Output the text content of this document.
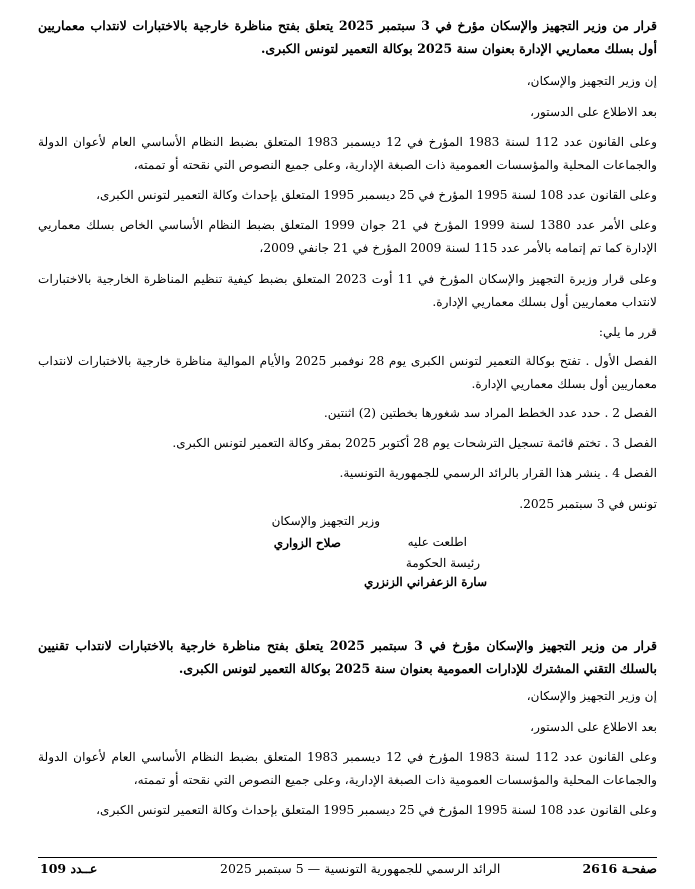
قرار من وزير التجهيز والإسكان مؤرخ في 3 سبتمبر 2025 يتعلق بفتح مناظرة خارجية بالاختبارات لانتداب معماريين أول بسلك معماريي الإدارة بعنوان سنة 2025 بوكالة التعمير لتونس الكبرى.

إن وزير التجهيز والإسكان،

بعد الاطلاع على الدستور،

وعلى القانون عدد 112 لسنة 1983 المؤرخ في 12 ديسمبر 1983 المتعلق بضبط النظام الأساسي العام لأعوان الدولة والجماعات المحلية والمؤسسات العمومية ذات الصبغة الإدارية، وعلى جميع النصوص التي نقحته أو تممته،

وعلى القانون عدد 108 لسنة 1995 المؤرخ في 25 ديسمبر 1995 المتعلق بإحداث وكالة التعمير لتونس الكبرى،

وعلى الأمر عدد 1380 لسنة 1999 المؤرخ في 21 جوان 1999 المتعلق بضبط النظام الأساسي الخاص بسلك معماريي الإدارة كما تم إتمامه بالأمر عدد 115 لسنة 2009 المؤرخ في 21 جانفي 2009،

وعلى قرار وزيرة التجهيز والإسكان المؤرخ في 11 أوت 2023 المتعلق بضبط كيفية تنظيم المناظرة الخارجية بالاختبارات لانتداب معماريين أول بسلك معماريي الإدارة.

قرر ما يلي:

الفصل الأول . تفتح بوكالة التعمير لتونس الكبرى يوم 28 نوفمبر 2025 والأيام الموالية مناظرة خارجية بالاختبارات لانتداب معماريين أول بسلك معماريي الإدارة.

الفصل 2 . حدد عدد الخطط المراد سد شغورها بخطتين (2) اثنتين.

الفصل 3 . تختم قائمة تسجيل الترشحات يوم 28 أكتوبر 2025 بمقر وكالة التعمير لتونس الكبرى.

الفصل 4 . ينشر هذا القرار بالرائد الرسمي للجمهورية التونسية.

تونس في 3 سبتمبر 2025.

وزير التجهيز والإسكان
صلاح الزواري	اطلعت عليه
رئيسة الحكومة
سارة الزعفراني الزنزري

قرار من وزير التجهيز والإسكان مؤرخ في 3 سبتمبر 2025 يتعلق بفتح مناظرة خارجية بالاختبارات لانتداب تقنيين بالسلك التقني المشترك للإدارات العمومية بعنوان سنة 2025 بوكالة التعمير لتونس الكبرى.

إن وزير التجهيز والإسكان،

بعد الاطلاع على الدستور،

وعلى القانون عدد 112 لسنة 1983 المؤرخ في 12 ديسمبر 1983 المتعلق بضبط النظام الأساسي العام لأعوان الدولة والجماعات المحلية والمؤسسات العمومية ذات الصبغة الإدارية، وعلى جميع النصوص التي نقحته أو تممته،

وعلى القانون عدد 108 لسنة 1995 المؤرخ في 25 ديسمبر 1995 المتعلق بإحداث وكالة التعمير لتونس الكبرى،

صفحـة 2616
الرائد الرسمي للجمهورية التونسية — 5 سبتمبر 2025
عــدد 109
